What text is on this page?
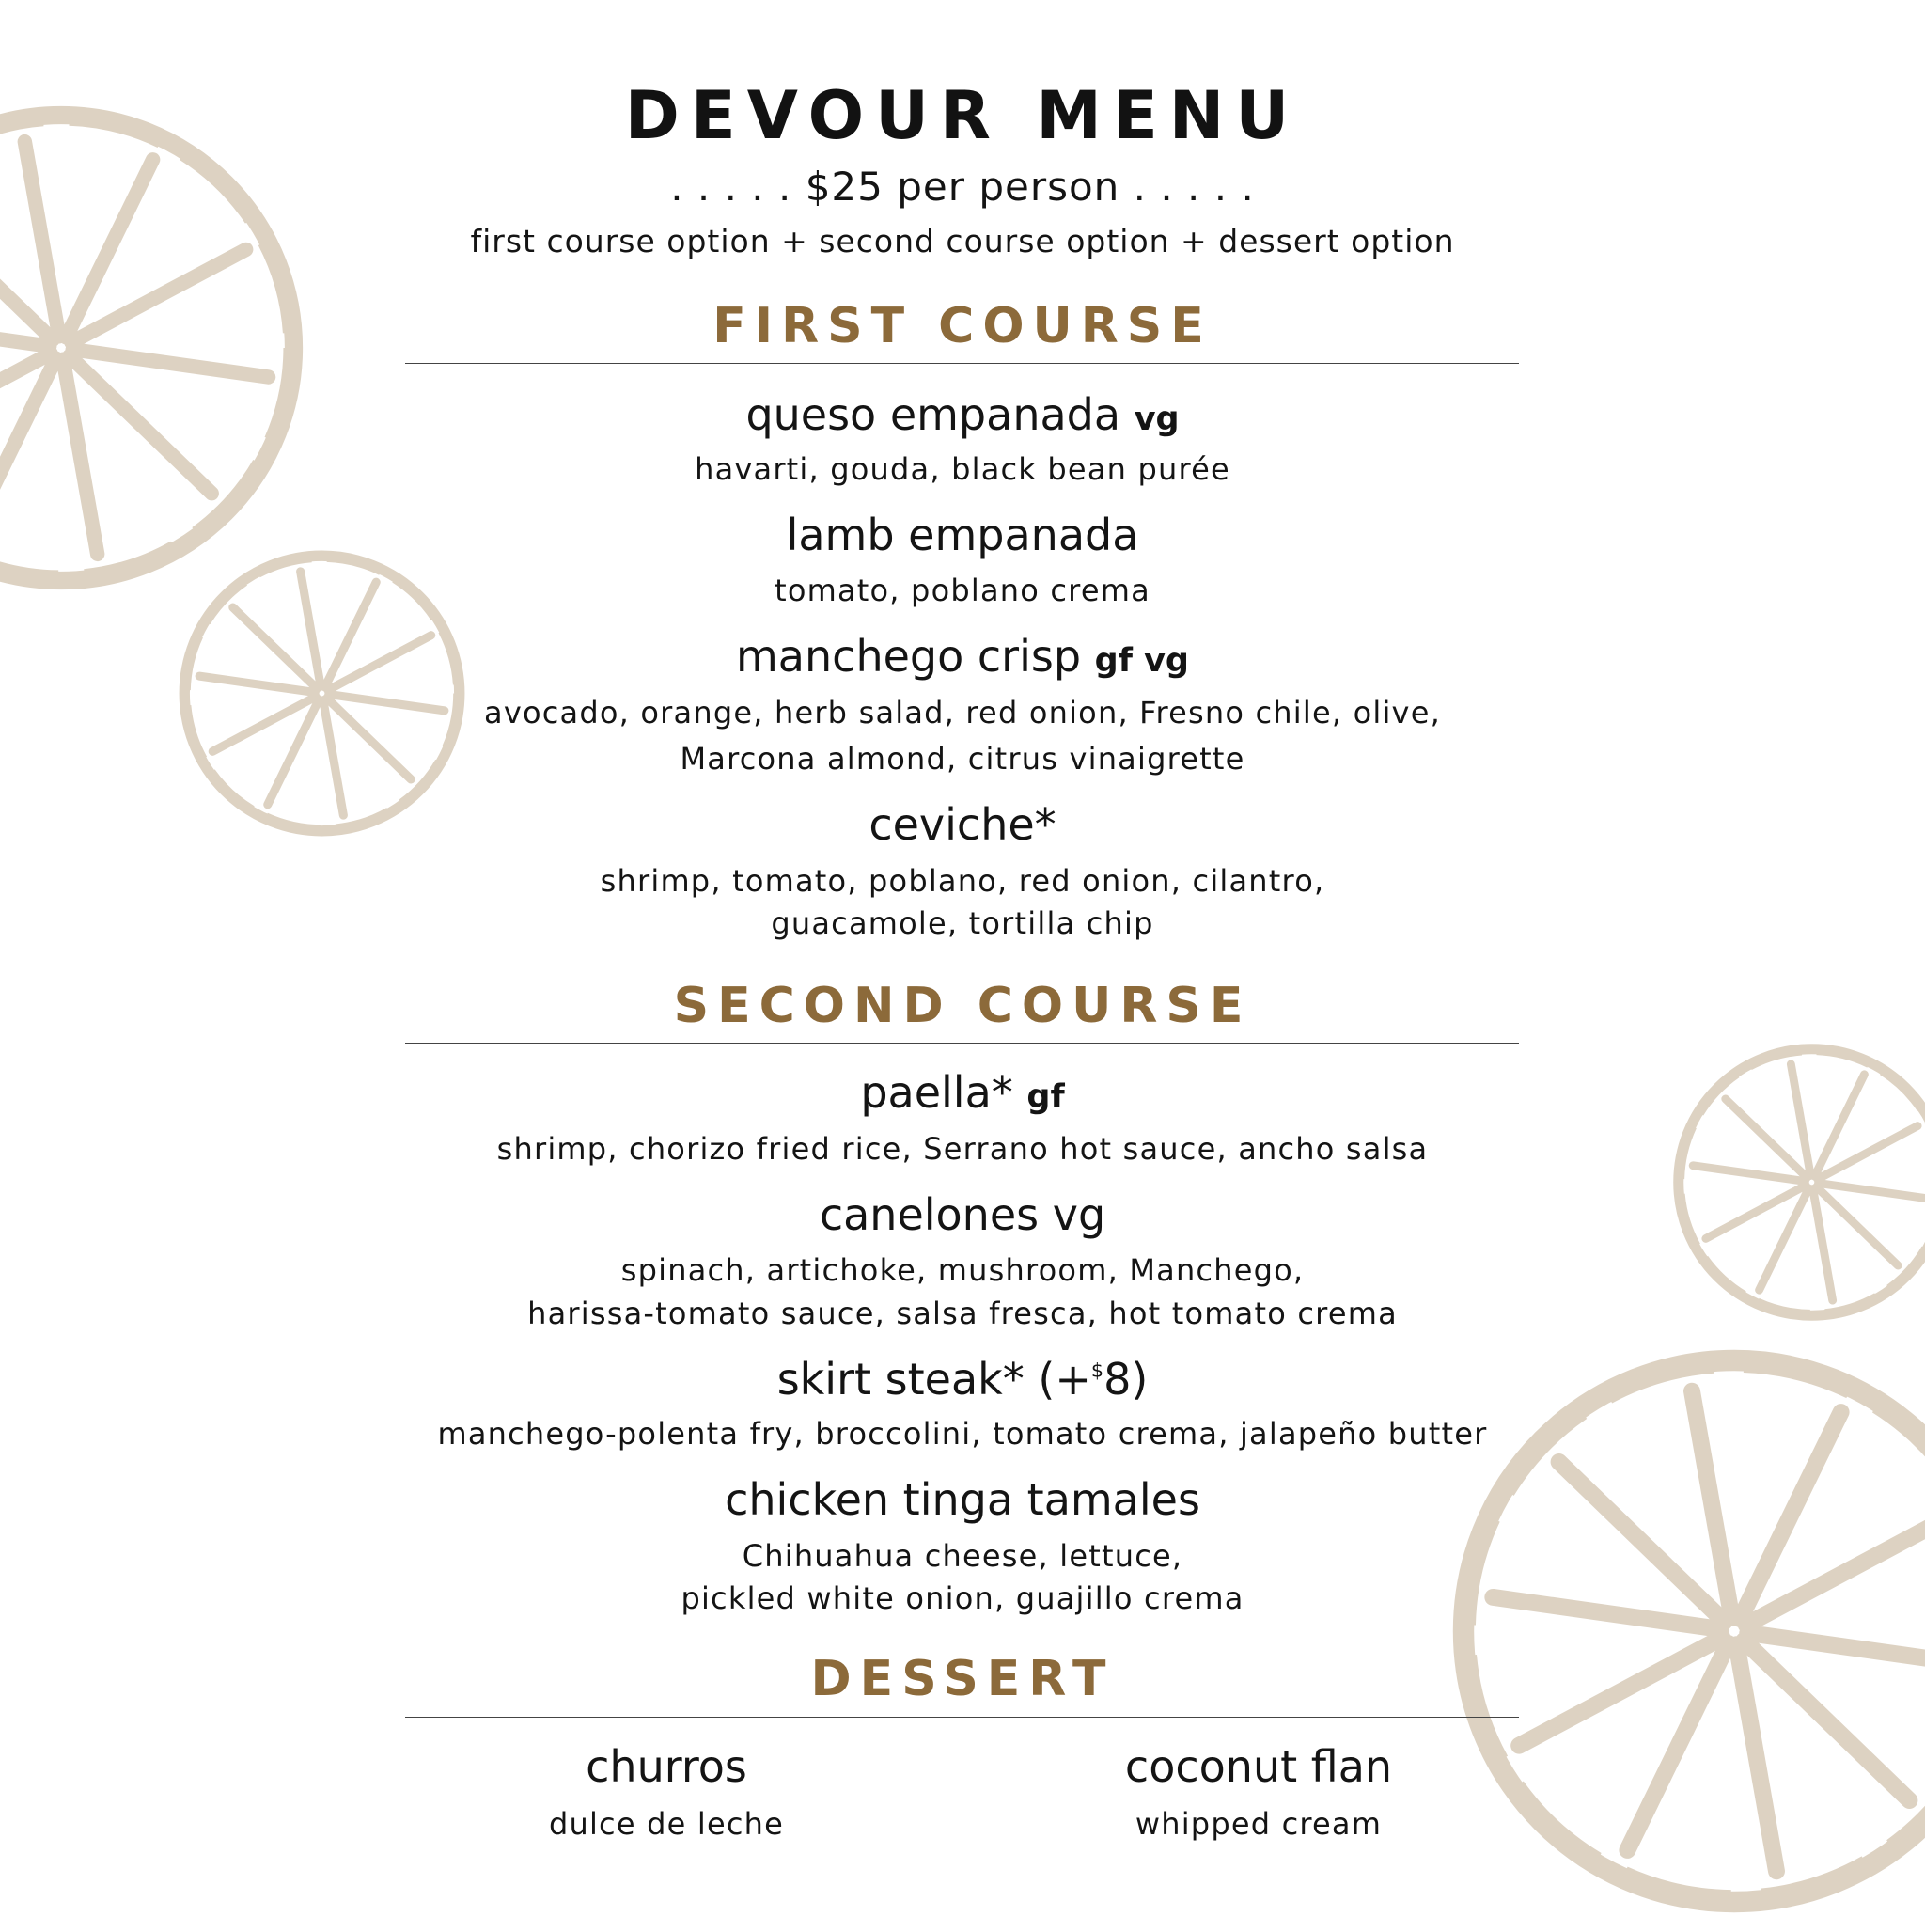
DEVOUR MENU
. . . . . $25 per person . . . . .
first course option + second course option + dessert option
FIRST COURSE
queso empanada vg
havarti, gouda, black bean purée
lamb empanada
tomato, poblano crema
manchego crisp gf vg
avocado, orange, herb salad, red onion, Fresno chile, olive,
Marcona almond, citrus vinaigrette
ceviche*
shrimp, tomato, poblano, red onion, cilantro,
guacamole, tortilla chip
SECOND COURSE
paella* gf
shrimp, chorizo fried rice, Serrano hot sauce, ancho salsa
canelones vg
spinach, artichoke, mushroom, Manchego,
harissa-tomato sauce, salsa fresca, hot tomato crema
skirt steak* (+$8)
manchego-polenta fry, broccolini, tomato crema, jalapeño butter
chicken tinga tamales
Chihuahua cheese, lettuce,
pickled white onion, guajillo crema
DESSERT
churros
dulce de leche
coconut flan
whipped cream
